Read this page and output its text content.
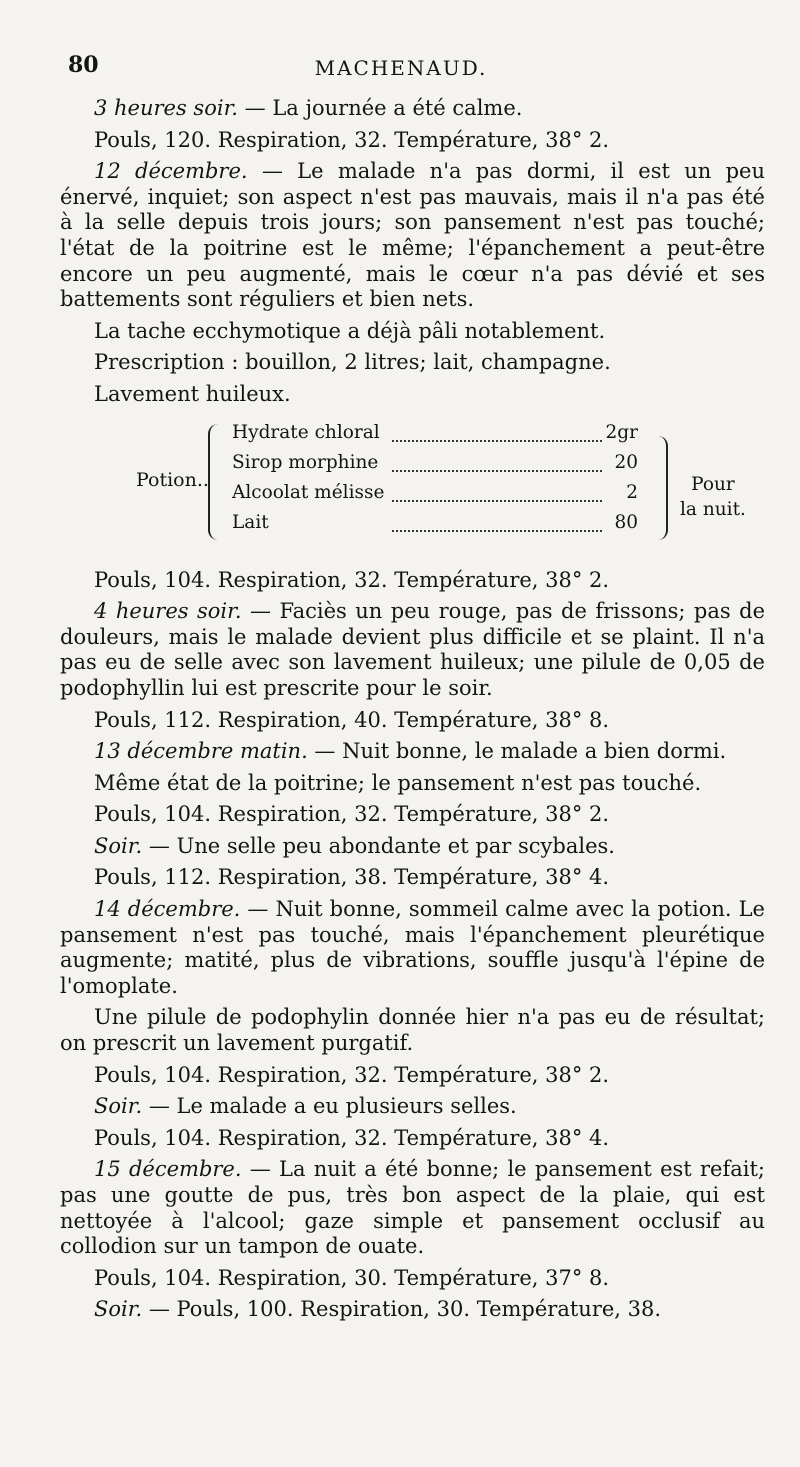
80	MACHENAUD.

3 heures soir. — La journée a été calme.

Pouls, 120. Respiration, 32. Température, 38° 2.

12 décembre. — Le malade n'a pas dormi, il est un peu énervé, inquiet; son aspect n'est pas mauvais, mais il n'a pas été à la selle depuis trois jours; son pansement n'est pas touché; l'état de la poitrine est le même; l'épanchement a peut-être encore un peu augmenté, mais le cœur n'a pas dévié et ses battements sont réguliers et bien nets.

La tache ecchymotique a déjà pâli notablement.

Prescription : bouillon, 2 litres; lait, champagne.

Lavement huileux.

Potion..
Hydrate chloral	2gr
Sirop morphine	20
Alcoolat mélisse	2
Lait	80
Pour
la nuit.

Pouls, 104. Respiration, 32. Température, 38° 2.

4 heures soir. — Faciès un peu rouge, pas de frissons; pas de douleurs, mais le malade devient plus difficile et se plaint. Il n'a pas eu de selle avec son lavement huileux; une pilule de 0,05 de podophyllin lui est prescrite pour le soir.

Pouls, 112. Respiration, 40. Température, 38° 8.

13 décembre matin. — Nuit bonne, le malade a bien dormi.

Même état de la poitrine; le pansement n'est pas touché.

Pouls, 104. Respiration, 32. Température, 38° 2.

Soir. — Une selle peu abondante et par scybales.

Pouls, 112. Respiration, 38. Température, 38° 4.

14 décembre. — Nuit bonne, sommeil calme avec la potion. Le pansement n'est pas touché, mais l'épanchement pleurétique augmente; matité, plus de vibrations, souffle jusqu'à l'épine de l'omoplate.

Une pilule de podophylin donnée hier n'a pas eu de résultat; on prescrit un lavement purgatif.

Pouls, 104. Respiration, 32. Température, 38° 2.

Soir. — Le malade a eu plusieurs selles.

Pouls, 104. Respiration, 32. Température, 38° 4.

15 décembre. — La nuit a été bonne; le pansement est refait; pas une goutte de pus, très bon aspect de la plaie, qui est nettoyée à l'alcool; gaze simple et pansement occlusif au collodion sur un tampon de ouate.

Pouls, 104. Respiration, 30. Température, 37° 8.

Soir. — Pouls, 100. Respiration, 30. Température, 38.
